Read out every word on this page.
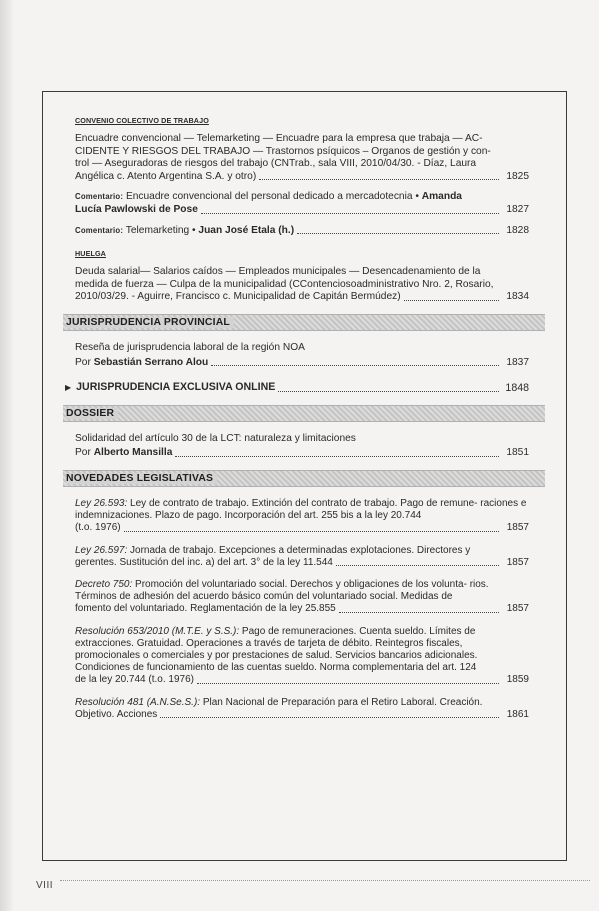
CONVENIO COLECTIVO DE TRABAJO
Encuadre convencional — Telemarketing — Encuadre para la empresa que trabaja — AC-
CIDENTE Y RIESGOS DEL TRABAJO — Trastornos psíquicos – Organos de gestión y con-
trol — Aseguradoras de riesgos del trabajo (CNTrab., sala VIII, 2010/04/30. - Díaz, Laura
Angélica c. Atento Argentina S.A. y otro)	1825
Comentario: Encuadre convencional del personal dedicado a mercadotecnia • Amanda
Lucía Pawlowski de Pose	1827
Comentario: Telemarketing • Juan José Etala (h.)	1828
HUELGA
Deuda salarial— Salarios caídos — Empleados municipales — Desencadenamiento de la
medida de fuerza — Culpa de la municipalidad (CContenciosoadministrativo Nro. 2, Rosario,
2010/03/29. - Aguirre, Francisco c. Municipalidad de Capitán Bermúdez)	1834
JURISPRUDENCIA PROVINCIAL
Reseña de jurisprudencia laboral de la región NOA
Por Sebastián Serrano Alou	1837
▶ JURISPRUDENCIA EXCLUSIVA ONLINE	1848
DOSSIER
Solidaridad del artículo 30 de la LCT: naturaleza y limitaciones
Por Alberto Mansilla	1851
NOVEDADES LEGISLATIVAS
Ley 26.593: Ley de contrato de trabajo. Extinción del contrato de trabajo. Pago de remune- raciones e indemnizaciones. Plazo de pago. Incorporación del art. 255 bis a la ley 20.744
(t.o. 1976)	1857
Ley 26.597: Jornada de trabajo. Excepciones a determinadas explotaciones. Directores y
gerentes. Sustitución del inc. a) del art. 3° de la ley 11.544	1857
Decreto 750: Promoción del voluntariado social. Derechos y obligaciones de los volunta- rios. Términos de adhesión del acuerdo básico común del voluntariado social. Medidas de
fomento del voluntariado. Reglamentación de la ley 25.855	1857
Resolución 653/2010 (M.T.E. y S.S.): Pago de remuneraciones. Cuenta sueldo. Límites de extracciones. Gratuidad. Operaciones a través de tarjeta de débito. Reintegros fiscales, promocionales o comerciales y por prestaciones de salud. Servicios bancarios adicionales. Condiciones de funcionamiento de las cuentas sueldo. Norma complementaria del art. 124
de la ley 20.744 (t.o. 1976)	1859
Resolución 481 (A.N.Se.S.): Plan Nacional de Preparación para el Retiro Laboral. Creación.
Objetivo. Acciones	1861
VIII
